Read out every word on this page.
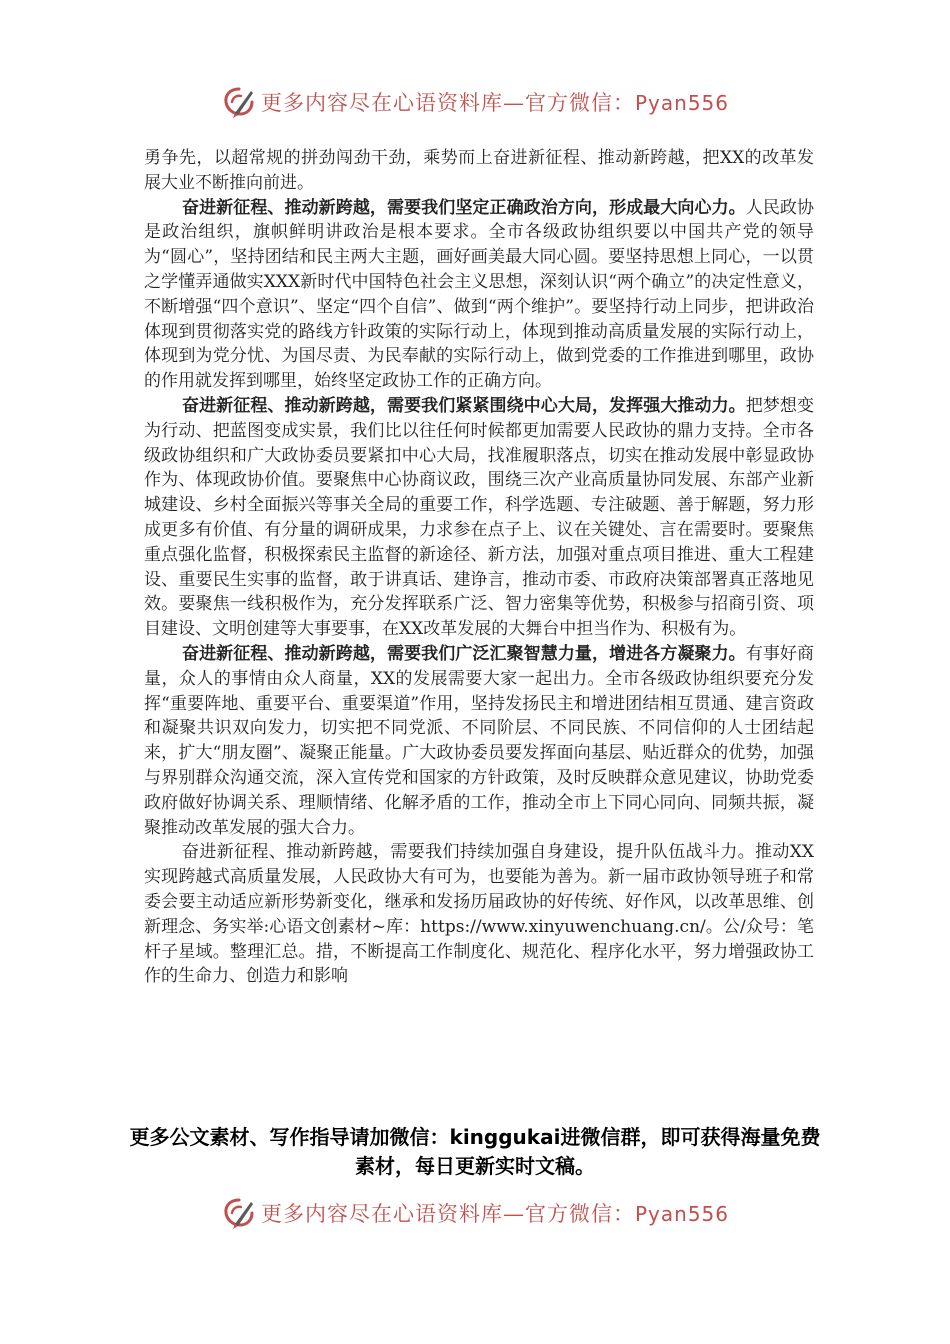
更多内容尽在心语资料库—官方微信：Pyan556

勇争先，以超常规的拼劲闯劲干劲，乘势而上奋进新征程、推动新跨越，把XX的改革发展大业不断推向前进。

奋进新征程、推动新跨越，需要我们坚定正确政治方向，形成最大向心力。人民政协是政治组织，旗帜鲜明讲政治是根本要求。全市各级政协组织要以中国共产党的领导为“圆心”，坚持团结和民主两大主题，画好画美最大同心圆。要坚持思想上同心，一以贯之学懂弄通做实XXX新时代中国特色社会主义思想，深刻认识“两个确立”的决定性意义，不断增强“四个意识”、坚定“四个自信”、做到“两个维护”。要坚持行动上同步，把讲政治体现到贯彻落实党的路线方针政策的实际行动上，体现到推动高质量发展的实际行动上，体现到为党分忧、为国尽责、为民奉献的实际行动上，做到党委的工作推进到哪里，政协的作用就发挥到哪里，始终坚定政协工作的正确方向。

奋进新征程、推动新跨越，需要我们紧紧围绕中心大局，发挥强大推动力。把梦想变为行动、把蓝图变成实景，我们比以往任何时候都更加需要人民政协的鼎力支持。全市各级政协组织和广大政协委员要紧扣中心大局，找准履职落点，切实在推动发展中彰显政协作为、体现政协价值。要聚焦中心协商议政，围绕三次产业高质量协同发展、东部产业新城建设、乡村全面振兴等事关全局的重要工作，科学选题、专注破题、善于解题，努力形成更多有价值、有分量的调研成果，力求参在点子上、议在关键处、言在需要时。要聚焦重点强化监督，积极探索民主监督的新途径、新方法，加强对重点项目推进、重大工程建设、重要民生实事的监督，敢于讲真话、建诤言，推动市委、市政府决策部署真正落地见效。要聚焦一线积极作为，充分发挥联系广泛、智力密集等优势，积极参与招商引资、项目建设、文明创建等大事要事，在XX改革发展的大舞台中担当作为、积极有为。

奋进新征程、推动新跨越，需要我们广泛汇聚智慧力量，增进各方凝聚力。有事好商量，众人的事情由众人商量，XX的发展需要大家一起出力。全市各级政协组织要充分发挥“重要阵地、重要平台、重要渠道”作用，坚持发扬民主和增进团结相互贯通、建言资政和凝聚共识双向发力，切实把不同党派、不同阶层、不同民族、不同信仰的人士团结起来，扩大“朋友圈”、凝聚正能量。广大政协委员要发挥面向基层、贴近群众的优势，加强与界别群众沟通交流，深入宣传党和国家的方针政策，及时反映群众意见建议，协助党委政府做好协调关系、理顺情绪、化解矛盾的工作，推动全市上下同心同向、同频共振，凝聚推动改革发展的强大合力。

奋进新征程、推动新跨越，需要我们持续加强自身建设，提升队伍战斗力。推动XX实现跨越式高质量发展，人民政协大有可为，也要能为善为。新一届市政协领导班子和常委会要主动适应新形势新变化，继承和发扬历届政协的好传统、好作风，以改革思维、创新理念、务实举:心语文创素材~库：https://www.xinyuwenchuang.cn/。公/众号：笔杆子星域。整理汇总。措，不断提高工作制度化、规范化、程序化水平，努力增强政协工作的生命力、创造力和影响

更多公文素材、写作指导请加微信：kinggukai进微信群，即可获得海量免费素材，每日更新实时文稿。
更多内容尽在心语资料库—官方微信：Pyan556
